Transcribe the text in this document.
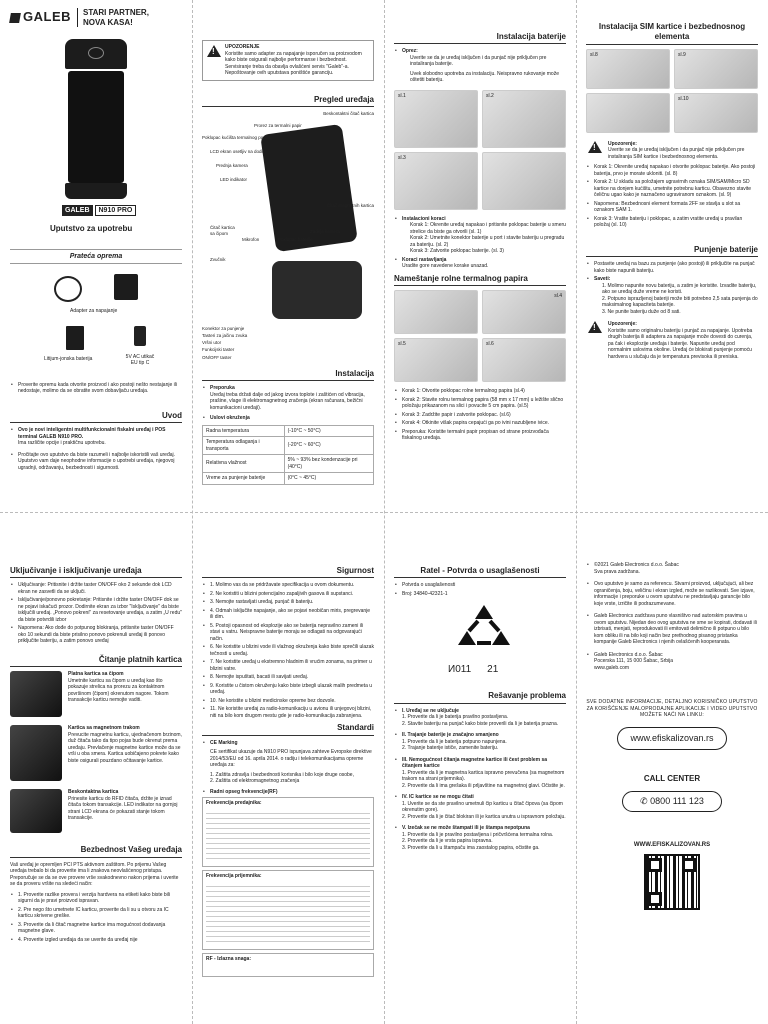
GALEB	STARI PARTNER, NOVA KASA!
GALEB	N910 PRO
Uputstvo za upotrebu
Prateća oprema
Adapter za napajanje
Litijum-jonska baterija	5V AC utikač EU tip C
• Proverite opremu kada otvorite proizvod i ako postoji nešto nestajanje ili nedostaje, molimo da se obratite svom dobavljaču uređaja.
Uvod
• Ovo je novi inteligentni multifunkcionalni fiskalni uređaj i POS terminal GALEB N910 PRO.
Ima različite opcije i praktičnu upotrebu.
• Pročitajte ovo uputstvo da biste razumeli i najbolje iskoristili vaš uređaj. Uputstvo vam daje neophodne informacije o upotrebi uređaja, njegovoj ugradnji, održavanju, bezbednosti i sigurnosti.
!
UPOZORENJE
Koristite samo adapter za napajanje isporučen sa proizvodom kako biste osigurali najbolje performanse i bezbednost. Servisiranje treba da obavlja ovlašćeni servis "Galeb"-a. Nepoštovanje ovih uputstava poništiće garanciju.
Pregled uređaja
Beskontaktni čitač kartica
Prorez za termalni papir
Poklopac kućišta termalnog papira
LCD ekran osetljiv na dodir
Prednja kamera
LED indikator
Čitač magnetnih kartica
Čitač kartica sa čipom
Mikrofon
Zadnja kamera
Poklopac baterije
Zvučnik
Konektor za punjenje
Tasteri za jačinu zvuka
Vršni utor
Funkcijski taster
ON/OFF taster
Instalacija
• Preporuka
Uređaj treba držati dalje od jakog izvora toplote i zaštićen od vibracija, prašine, vlage ili elektromagnetnog zračenja (ekran računara, bežični komunikacioni uređaji).
• Uslovi okruženja
Radna temperatura	(-10°C ~ 50°C)
Temperatura odlaganja i transporta	(-20°C ~ 60°C)
Relativna vlažnost	5% ~ 93% bez kondenzacije pri (40°C)
Vreme za punjenje baterije	(0°C ~ 45°C)
Instalacija baterije
• Oprez:
Uverite se da je uređaj isključen i da punjač nije priključen pre instaliranja baterije.
Uvek slobodno upotreba za instalaciju. Neispravno rukovanje može oštetiti bateriju.
sl.1	sl.2
sl.3
• Instalacioni koraci
Korak 1: Okrenite uređaj napakao i pritisnite poklopac baterije u smeru strelice da biste ga otvorili (sl. 1)
Korak 2: Umetnite konektor baterije u port i stavite bateriju u pregradu za bateriju. (sl. 2)
Korak 3: Zatvorite poklopac baterije. (sl. 3)
• Koraci rastavljanja
Uradite gore navedene korake unazad.
Nameštanje rolne termalnog papira
sl.4
sl.5	sl.6
• Korak 1: Otvorite poklopac rolne termalnog papira (sl.4)
• Korak 2: Stavite rolnu termalnog papira (58 mm x 17 mm) u ležište slično položaju prikazanom na slici i povucite 5 cm papira. (sl.5)
• Korak 3: Zadržite papir i zatvorite poklopac. (sl.6)
• Korak 4: Otkinite višak papira cepajući ga po ivini nazubljene ivice.
• Preporuka: Koristite termalni papir propisan od strane proizvođača fiskalnog uređaja.
Instalacija SIM kartice i bezbednosnog elementa
sl.8	sl.9
sl.10
!
Upozorenje:
Uverite se da je uređaj isključen i da punjač nije priključen pre instaliranja SIM kartice i bezbednosnog elementa.
• Korak 1: Okrenite uređaj napakao i otvorite poklopac baterije. Ako postoji baterija, prvo je morate ukloniti. (sl. 8)
• Korak 2: U skladu sa položajem ugravirnih oznaka SIM/SAM/Micro SD kartice na donjem kućištu, umetnite potrebnu karticu. Obavezno stavite čeličnu ugao kako je naznačeno ugraviranom oznakom. (sl. 9)
• Napomena: Bezbednosni element formata 2FF se stavlja u slot sa oznakom SAM 1.
• Korak 3: Vratite bateriju i poklopac, a zatim vratite uređaj u pravilan položaj (sl. 10)
Punjenje baterije
• Postavite uređaj na bazu za punjenje (ako postoji) ili priključite na punjač kako biste napunili bateriju.
• Saveti:
1. Molimo napunite novu bateriju, a zatim je koristite. Izvadite bateriju, ako se uređaj duže vreme ne koristi.
2. Potpuno isprazljenoj bateriji može biti potrebno 2,5 sata punjenja do maksimalnog kapaciteta baterije.
3. Ne punite bateriju duže od 8 sati.
!
Upozorenje:
Koristite samo originalnu bateriju i punjač za napajanje. Upotreba drugih baterija ili adaptera za napajanje može dovesti do curenja, pa čak i eksplozije uređaja i baterije. Napunite uređaj pod normalnim uslovima okoline. Uređaj će blokirati punjenje pomoću hardvera u slučaju da je temperatura previsoka ili preniska.
Uključivanje i isključivanje uređaja
• Uključivanje: Pritisnite i držite taster ON/OFF oko 2 sekunde dok LCD ekran ne zasvetli da se uključi.
• Isključivanje/ponovno pokretanje: Pritisnite i držite taster ON/OFF dok se ne pojavi iskačući prozor. Dodirnite ekran za izbor "Isključivanje" da biste isključili uređaj. „Ponovo pokreni" za resetovanje uređaja, a zatim „U redu" da biste potvrdili izbor
• Napomena: Ako dođe do potpunog blokiranja, pritisnite taster ON/OFF oko 10 sekundi da biste prisilno ponovo pokrenuli uređaj ili ponovo priključite bateriju, a zatim ponovo uređaj
Čitanje platnih kartica
Platna kartica sa čipom
Umetnite karticu sa čipom u uređaj kao što pokazuje strelica na prorezu za kontaktnom površinom (čipom) okrenutom nagore. Tokom transakcije karticu nemojte vaditi.
Kartica sa magnetnom trakom
Prevucite magnetnu karticu, ujednačenom brzinom, duž čitača tako da tipo pojas bude okrenut prema uređaju. Prevlačenje magnetne kartice može da se vrši u oba smera. Kartica uobičajeno pokrete kako biste osigurali pouzdano očitavanje kartice.
Beskontaktna kartica
Prinesite karticu do RFID čitača, držite je iznad čitača tokom transakcije. LED indikator na gornjoj strani LCD ekrana će pokazati stanje tokom transakcije.
Bezbednost Vašeg uređaja
Vaš uređaj je opremljen PCI PTS aktivnom zaštitom. Po prijemu Vašeg uređaja trebalo bi da proverite ima li znakova neovlašćenog pristupa. Preporučuje se da se ove provere vrše svakodnevno nakon prijema i uverite se da proveru vršite na sledeći način:
• 1. Proverite razlike provera i verzija hardvera na etiketi kako biste bili sigurni da je pravi proizvod ispravan.
• 2. Pre nego što umetnete IC karticu, proverite da li su u otvoru za IC karticu skrivene greške.
• 3. Proverite da li čitač magnetne kartice ima mogućnost dodavanja magnetne glave.
• 4. Proverite izgled uređaja da se uverite da uređaj nije
Sigurnost
• 1. Molimo vas da se pridržavate specifikacija u ovom dokumentu.
• 2. Ne koristiti u blizini potencijalno zapaljivih gasova ili supstanci.
• 3. Nemojte rastavljati uređaj, punjač ili bateriju.
• 4. Odmah isključite napajanje, ako se pojavi neobičan miris, pregrevanje ili dim.
• 5. Postoji opasnost od eksplozije ako se baterija nepravilno zameni ili stavi u vatru. Neispravne baterije moraju se odlagati na odgovarajući način.
• 6. Ne koristite u blizini vode ili vlažnog okruženja kako biste sprečili ulazak tečnosti u uređaj.
• 7. Ne koristite uređaj u ekstremno hladnim ili vrućim zonama, na primer u blizini vatre.
• 8. Nemojte ispuštati, bacati ili savijati uređaj.
• 9. Koristite u čistom okruženju kako biste izbegli ulazak malih predmeta u uređaj.
• 10. Ne koristite u blizini medicinske opreme bez dozvole.
• 11. Ne koristite uređaj za radio-komunikaciju u avionu ili unjegovoj blizini, niti na bilo kom drugom mestu gde je radio-komunikacija zabranjena.
Standardi
• CE Marking
CE sertifikat ukazuje da N910 PRO ispunjava zahteve Evropske direktive 2014/53/EU od 16. aprila 2014. o radiju i telekomunikacijama opreme uređaja za:
1. Zaštita zdravlja i bezbednosti korisnika i bilo koje druge osobe,
2. Zaštita od elektromagnetnog zračenja
• Radni opseg frekvencije(RF)
Frekvencija predajnika:
Frekvencija prijemnika:
RF - Izlazna snaga:
Ratel - Potvrda o usaglašenosti
• Potvrda o usaglašenosti
• Broj: 34840-42321-1
И011 21
Rešavanje problema
• I. Uređaj se ne uključuje
1. Proverite da li je baterija pravilno postavljena.
2. Stavite bateriju na punjač kako biste proverili da li je baterija prazna.
• II. Trajanje baterije je značajno smanjeno
1. Proverite da li je baterija potpuno napunjena.
2. Trajanje baterije ističe, zamenite bateriju.
• III. Nemogućnost čitanja magnetne kartice ili čest problem sa čitanjem kartice
1. Proverite da li je magnetna kartica ispravno prevučena (sa magnetnom trakom na strani prijemnika).
2. Proverite da li ima grešaka ili prljavštine na magnetnoj glavi. Očistite je.
• IV. IC kartice se ne mogu čitati
1. Uverite se da ste pravilno umetnuli čip karticu u čitač čipova (sa čipom okrenutim gore).
2. Proverite da li je čitač blokiran ili je kartica unutra u ispravnom položaju.
• V. Izečak se ne može štampati ili je štampa nepotpuna
1. Proverite da li je pravilno postavljena i pričvršćena termalna rolna.
2. Proverite da li je vrsta papira ispravna.
3. Proverite da li u štampaču ima zaostalog papira, očistite ga.
• ©2021 Galeb Electronics d.o.o. Šabac
Sva prava zadržana.
• Ovo uputstvo je samo za referencu. Stvarni proizvod, uključujući, ali bez ograničenja, boju, veličinu i ekran izgled, može se razlikovati. Sve izjave, informacije i preporuke u ovom uputstvu ne predstavljaju garancije bilo koje vrste, izričite ili podrazumevane.
• Galeb Electronics zadržava puno vlasništvo nad autorskim pravima u ovom uputstvu. Nijedan deo ovog uputstva ne sme se kopirati, dodavati ili izbrisati, menjati, reprodukovati ili emitovati delimično ili potpuno u bilo kom obliku ili na bilo koji način bez prethodnog pisanog pristanka kompanije Galeb Electronics i njenih ovlašćenih kooperanata.
• Galeb Electronics d.o.o. Šabac
Pocerska 111, 15 000 Šabac, Srbija
www.galeb.com
SVE DODATNE INFORMACIJE, DETALJNO KORISNIČKO UPUTSTVO ZA KORIŠĆENJE MALOPRODAJNE APLIKACIJE I VIDEO UPUTSTVO MOŽETE NAĆI NA LINKU:
www.efiskalizovan.rs
CALL CENTER
✆ 0800 111 123
WWW.EFISKALIZOVAN.RS
